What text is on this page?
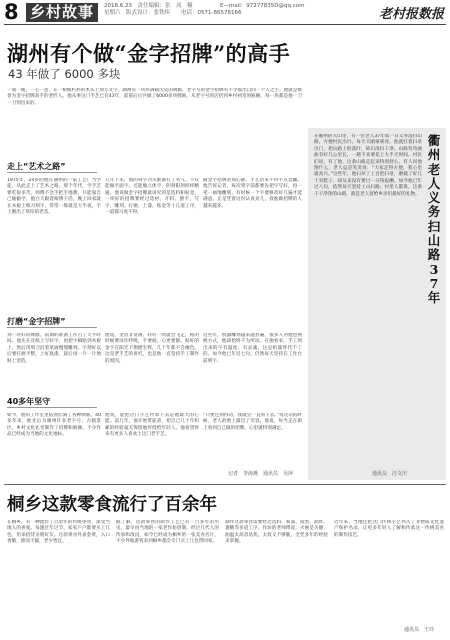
8 乡村故事	2018.6.23　责任编辑：张　凤　楠　　　　　E—mail：97277835D@qq.com
星期六　版式设计：张铁炜　　电话：0571-86578166	老村报数报
湖州有个做“金字招牌”的高手
43 年做了 6000 多块

一间一铺，一心一意，在一根根朽朴的木头上刻写文字。湖州有一块块满载历史的牌匾，老字号的金字招牌有不少都出自同一个人之手。他就是被誉为金字招牌高手的老匠人。他从事这门手艺已有43年，前前后后共做了6000多块牌匾，从老字号的店招到乡村祠堂的匾额，每一块都是他一刀一刀刻出来的。

走上“艺术之路”

1975年，24岁的他在湖州的一家工艺厂当学徒，从此走上了艺术之路。那个年代，学手艺要吃很多苦，师傅不会手把手地教，只能靠自己偷偷学。他白天跟着师傅干活，晚上回家就在木板上练习刻字，常常一练就是大半夜，手上磨出了厚厚的老茧。

几年下来，他的刻字功夫渐渐有了名气。不仅能做平面字，还能做立体字、阴刻阳刻样样精通。他说做金字招牌最讲究的是选料和贴金，一块好的招牌要经过选材、开料、刨平、写字、雕刻、打磨、上漆、贴金等十几道工序，一道都马虎不得。

做金字招牌必须心静，手艺活来不得半点急躁。他告诉记者，每次刻字前都要先把字写好，再一笔一画地雕刻，有时候一个字要修改好几遍才能满意。正是凭着这份认真劲儿，找他做招牌的人越来越多。

打磨“金字招牌”

刻一块好的牌匾，前期的准备工作占了大半时间。他先在宣纸上写好字，再把字稿贴到木板上，然后用刻刀沿着笔画慢慢雕刻。字刻好以后要打磨平整，上好底漆，最后再一片一片地贴上金箔。

他说，金箔非常薄，轻轻一吹就会飞走，贴的时候要屏住呼吸，手要稳，心更要静。贴好的金字在阳光下熠熠生辉，几十年都不会褪色。这是老手艺的讲究，也是他一直坚持手工制作的原因。

这些年，机器雕刻越来越普遍，很多人劝他也换换方式，他却始终不为所动。在他看来，手工刻出来的字有温度、有灵魂，这是机器替代不了的。如今他已年近七旬，仍然每天坚持在工作台前刻字。

40多年坚守

如今，他的工作室里依然挂满了各种牌匾。40多年来，他先后为湖州许多老字号、古镇景区、乡村文化礼堂制作了招牌和匾额，不少作品已经成为当地的文化地标。

他说，能把这门手艺传承下去是他最大的心愿。前几年，他开始带徒弟，把自己几十年积累的经验毫无保留地传授给年轻人。他希望将来有更多人喜欢上这门老手艺。

“只要还刻得动，我就会一直刻下去。”说这话的时候，老人的脸上露出了笑容。他说，每当走在街上看到自己做的招牌，心里就特别满足。

记者　李海燕　通讯员　吴萍
衢州老人义务扫山路37年
在衢州的大山里，有一位老人37年如一日义务清扫山路，方便村民出行。每天天刚蒙蒙亮，他就扛着扫帚出门，把山路上的落叶、碎石清扫干净。山路弯弯曲曲有好几公里长，一趟下来要花上大半天时间。村民们说，有了他，这条山路走起来特别舒心。有人问他图什么，老人总是笑笑说：“大家走得方便，我心里就高兴。”这些年，他扫坏了上百把扫帚，磨破了好几十双鞋子，却从来没有要过一分钱报酬。如今他已年过八旬，依然每天坚持上山扫路。村里人都说，这条干干净净的山路，就是老人留给乡亲们最好的礼物。
通讯员　汪文庆
桐乡这款零食流行了百余年

在桐乡，有一种流传了百余年的传统零食，深受当地人的喜爱。每逢过年过节，家家户户都要买上几包，用来招待亲朋好友。这款零食外表金黄，入口香脆，甜而不腻，老少皆宜。

据了解，这款零食的制作工艺已有一百多年的历史，最早由当地的一家老作坊创制。经过几代人的传承和改良，如今已经成为桐乡的一张美食名片，不少外地游客来到桐乡都会专门买上几包带回家。

制作这款零食需要经过选料、和面、成型、油炸、裹糖等多道工序。作坊的老师傅说，火候是关键，油温太高容易焦，太低又不够脆，全凭多年的经验来掌握。

近年来，当地还把这门传统手艺列入了非物质文化遗产保护名录，让更多年轻人了解和传承这一传统美食的制作技艺。

通讯员　王玲
